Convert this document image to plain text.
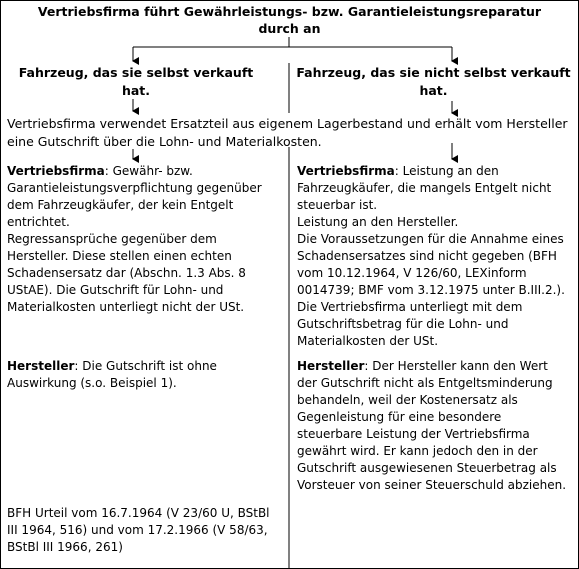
Vertriebsfirma führt Gewährleistungs- bzw. Garantieleistungsreparatur
durch an
Fahrzeug, das sie selbst verkauft hat.
Fahrzeug, das sie nicht selbst verkauft hat.
Vertriebsfirma verwendet Ersatzteil aus eigenem Lagerbestand und erhält vom Hersteller eine Gutschrift über die Lohn- und Materialkosten.
Vertriebsfirma: Gewähr- bzw. Garantieleistungsverpflichtung gegenüber dem Fahrzeugkäufer, der kein Entgelt entrichtet.
Regressansprüche gegenüber dem Hersteller. Diese stellen einen echten Schadensersatz dar (Abschn. 1.3 Abs. 8 UStAE). Die Gutschrift für Lohn- und Materialkosten unterliegt nicht der USt.
Hersteller: Die Gutschrift ist ohne Auswirkung (s.o. Beispiel 1).
BFH Urteil vom 16.7.1964 (V 23/60 U, BStBl III 1964, 516) und vom 17.2.1966 (V 58/63, BStBl III 1966, 261)
Vertriebsfirma: Leistung an den Fahrzeugkäufer, die mangels Entgelt nicht steuerbar ist.
Leistung an den Hersteller.
Die Voraussetzungen für die Annahme eines Schadensersatzes sind nicht gegeben (BFH vom 10.12.1964, V 126/60, LEXinform 0014739; BMF vom 3.12.1975 unter B.III.2.). Die Vertriebsfirma unterliegt mit dem Gutschriftsbetrag für die Lohn- und Materialkosten der USt.
Hersteller: Der Hersteller kann den Wert der Gutschrift nicht als Entgeltsminderung behandeln, weil der Kostenersatz als Gegenleistung für eine besondere steuerbare Leistung der Vertriebsfirma gewährt wird. Er kann jedoch den in der Gutschrift ausgewiesenen Steuerbetrag als Vorsteuer von seiner Steuerschuld abziehen.
